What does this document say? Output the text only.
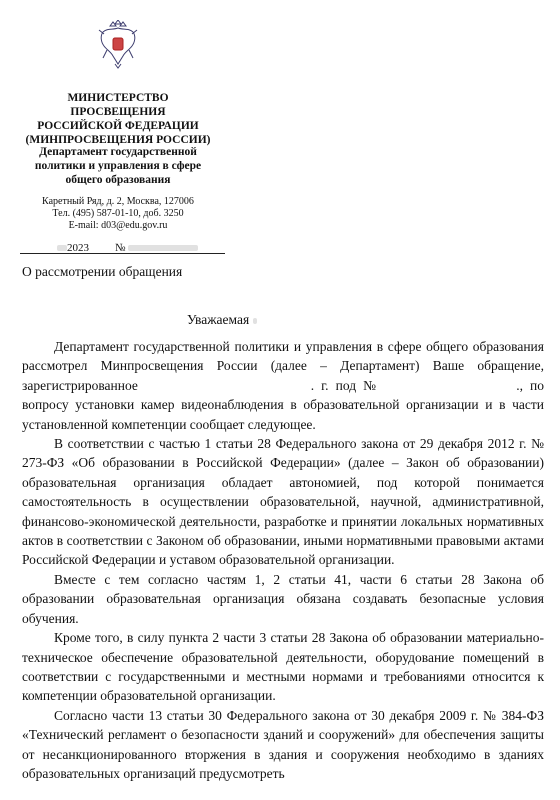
МИНИСТЕРСТВО ПРОСВЕЩЕНИЯ
РОССИЙСКОЙ ФЕДЕРАЦИИ
(МИНПРОСВЕЩЕНИЯ РОССИИ)
Департамент государственной
политики и управления в сфере
общего образования
Каретный Ряд, д. 2, Москва, 127006
Тел. (495) 587-01-10, доб. 3250
E-mail: d03@edu.gov.ru
2023 №
О рассмотрении обращения
Уважаемая

Департамент государственной политики и управления в сфере общего образования рассмотрел Минпросвещения России (далее – Департамент) Ваше обращение, зарегистрированное	. г. под №	., по вопросу установки камер видеонаблюдения в образовательной организации и в части установленной компетенции сообщает следующее.

В соответствии с частью 1 статьи 28 Федерального закона от 29 декабря 2012 г. № 273-ФЗ «Об образовании в Российской Федерации» (далее – Закон об образовании) образовательная организация обладает автономией, под которой понимается самостоятельность в осуществлении образовательной, научной, административной, финансово-экономической деятельности, разработке и принятии локальных нормативных актов в соответствии с Законом об образовании, иными нормативными правовыми актами Российской Федерации и уставом образовательной организации.

Вместе с тем согласно частям 1, 2 статьи 41, части 6 статьи 28 Закона об образовании образовательная организация обязана создавать безопасные условия обучения.

Кроме того, в силу пункта 2 части 3 статьи 28 Закона об образовании материально-техническое обеспечение образовательной деятельности, оборудование помещений в соответствии с государственными и местными нормами и требованиями относится к компетенции образовательной организации.

Согласно части 13 статьи 30 Федерального закона от 30 декабря 2009 г. № 384-ФЗ «Технический регламент о безопасности зданий и сооружений» для обеспечения защиты от несанкционированного вторжения в здания и сооружения необходимо в зданиях образовательных организаций предусмотреть
